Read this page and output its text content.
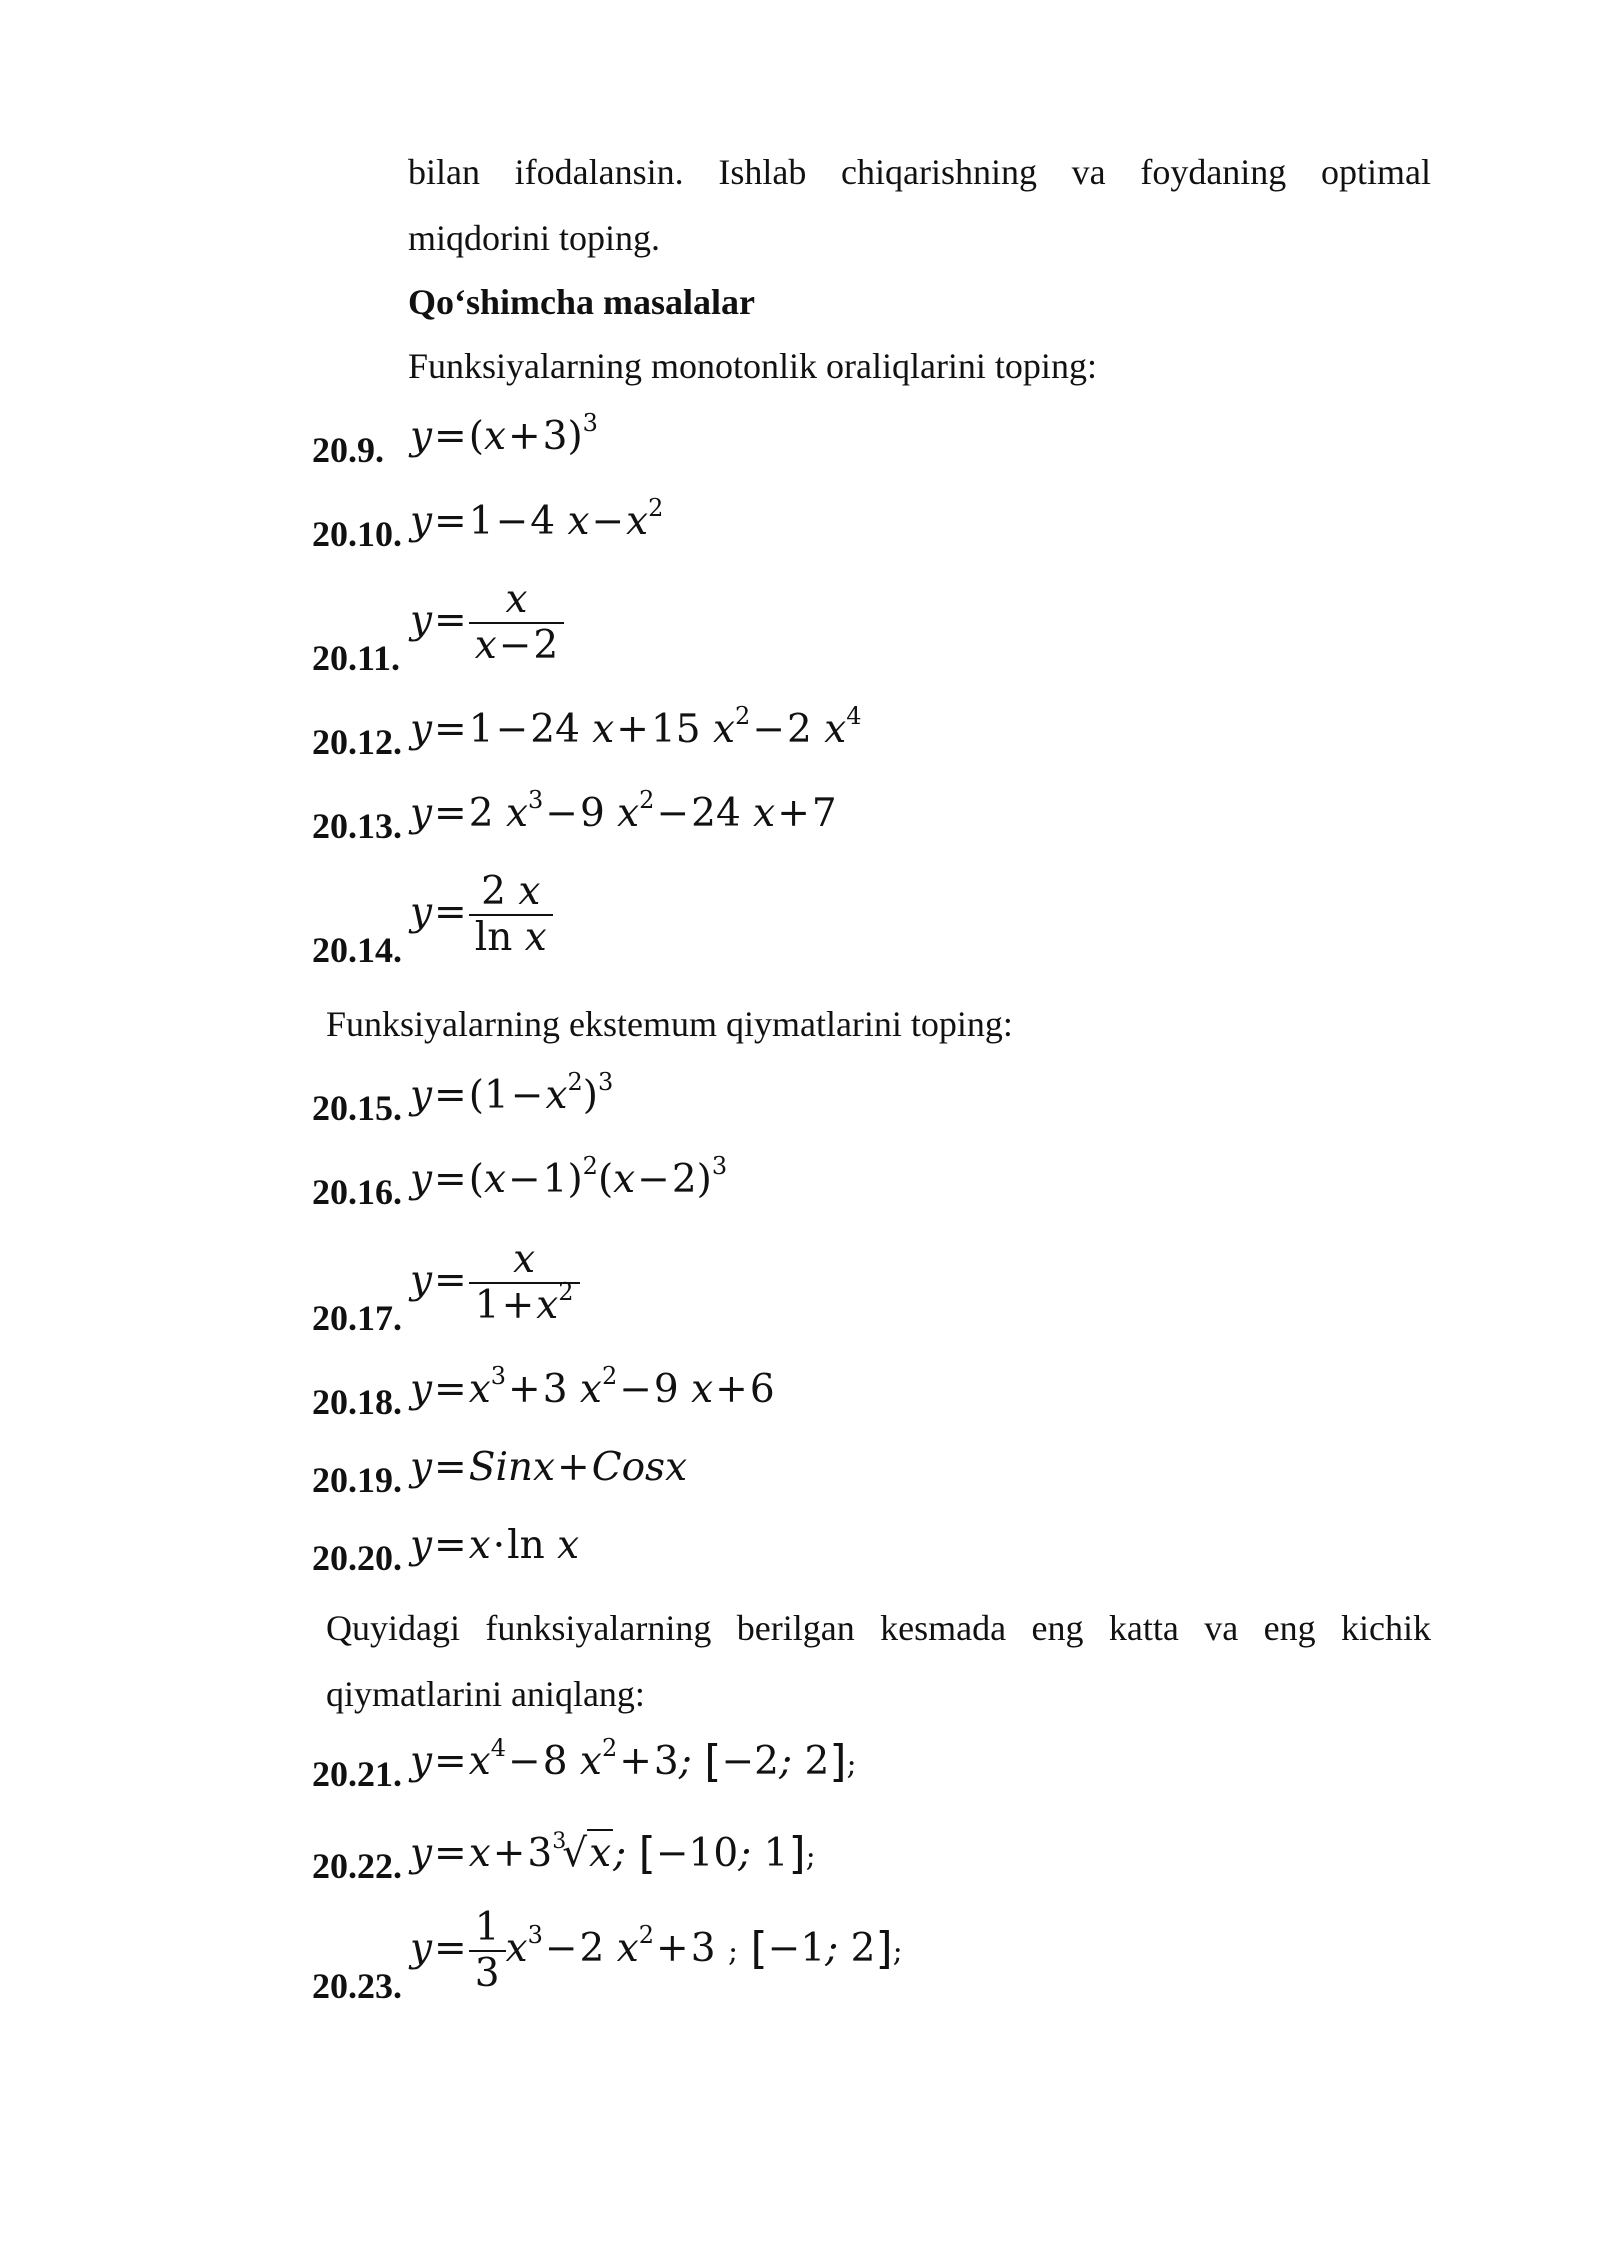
bilan ifodalansin. Ishlab chiqarishning va foydaning optimal
miqdorini toping.
Qo‘shimcha masalalar
Funksiyalarning monotonlik oraliqlarini toping:
20.9. $y=(x+3)^3$
20.10. y=1−4 $x-x^2$
20.11.
$y= \frac{x}{x-2}$
20.12. y=1−24 x+15 $x^2-2$ $x^4$
20.13. y=2 $x^3-9$ $x^2-24$ x+7
20.14.
$y= \frac{2 x}{\text{ln x}}$
Funksiyalarning ekstemum qiymatlarini toping:
20.15. $y=(1-x^2)^3$
20.16. $y=(x-1)^2(x-2)^3$
20.17.
$y= \frac{x}{1+x^2}$
20.18. $y=x^3+3$ $x^2-9$ x+6
20.19. y=Sinx+Cosx
20.20. y=x·ln x
Quyidagi funksiyalarning berilgan kesmada eng katta va eng kichik
qiymatlarini aniqlang:
20.21. $y=x^4-8$ $x^2+3$; [−2; 2];
20.22. y=x+3 3
√x; [−10; 1];
20.23.
$y= \frac{1}{3} x^3-2$ $x^2+3$ ; [−1; 2];
